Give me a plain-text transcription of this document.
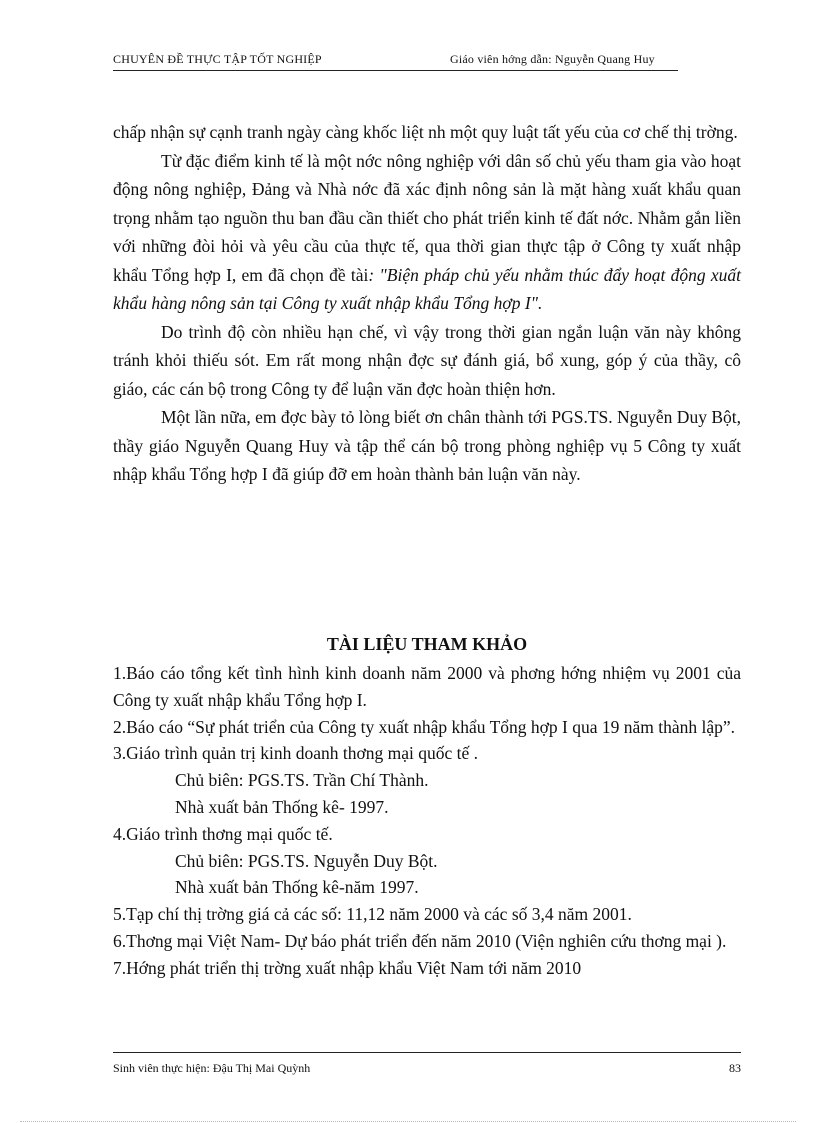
CHUYÊN ĐỀ THỰC TẬP TỐT NGHIỆP	Giáo viên hớng dẫn: Nguyễn Quang Huy

chấp nhận sự cạnh tranh ngày càng khốc liệt nh một quy luật tất yếu của cơ chế thị trờng.

Từ đặc điểm kinh tế là một nớc nông nghiệp với dân số chủ yếu tham gia vào hoạt động nông nghiệp, Đảng và Nhà nớc đã xác định nông sản là mặt hàng xuất khẩu quan trọng nhằm tạo nguồn thu ban đầu cần thiết cho phát triển kinh tế đất nớc. Nhằm gắn liền với những đòi hỏi và yêu cầu của thực tế, qua thời gian thực tập ở Công ty xuất nhập khẩu Tổng hợp I, em đã chọn đề tài: "Biện pháp chủ yếu nhằm thúc đẩy hoạt động xuất khẩu hàng nông sản tại Công ty xuất nhập khẩu Tổng hợp I".

Do trình độ còn nhiều hạn chế, vì vậy trong thời gian ngắn luận văn này không tránh khỏi thiếu sót. Em rất mong nhận đợc sự đánh giá, bổ xung, góp ý của thầy, cô giáo, các cán bộ trong Công ty để luận văn đợc hoàn thiện hơn.

Một lần nữa, em đợc bày tỏ lòng biết ơn chân thành tới PGS.TS. Nguyễn Duy Bột, thầy giáo Nguyễn Quang Huy và tập thể cán bộ trong phòng nghiệp vụ 5 Công ty xuất nhập khẩu Tổng hợp I đã giúp đỡ em hoàn thành bản luận văn này.

TÀI LIỆU THAM KHẢO

1.Báo cáo tổng kết tình hình kinh doanh năm 2000 và phơng hớng nhiệm vụ 2001 của Công ty xuất nhập khẩu Tổng hợp I.

2.Báo cáo “Sự phát triển của Công ty xuất nhập khẩu Tổng hợp I qua 19 năm thành lập”.

3.Giáo trình quản trị kinh doanh thơng mại quốc tế .

Chủ biên: PGS.TS. Trần Chí Thành.

Nhà xuất bản Thống kê- 1997.

4.Giáo trình thơng mại quốc tế.

Chủ biên: PGS.TS. Nguyễn Duy Bột.

Nhà xuất bản Thống kê-năm 1997.

5.Tạp chí thị trờng giá cả các số: 11,12 năm 2000 và các số 3,4 năm 2001.

6.Thơng mại Việt Nam- Dự báo phát triển đến năm 2010 (Viện nghiên cứu thơng mại ).

7.Hớng phát triển thị trờng xuất nhập khẩu Việt Nam tới năm 2010

Sinh viên thực hiện: Đậu Thị Mai Quỳnh	83
